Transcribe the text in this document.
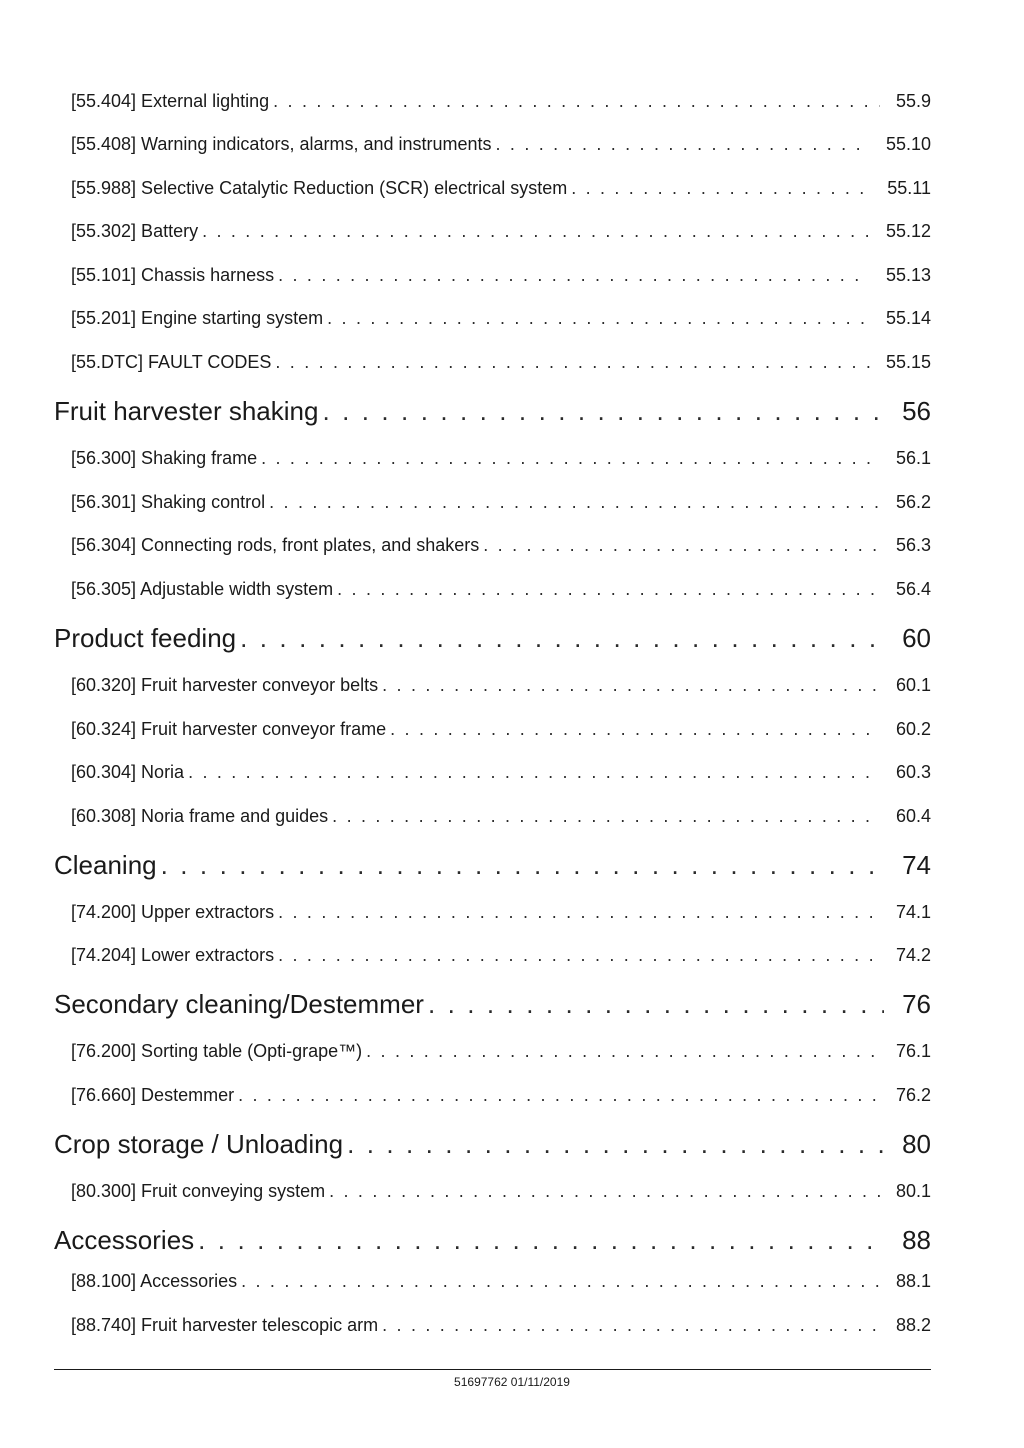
[55.404] External lighting . . .	55.9
[55.408] Warning indicators, alarms, and instruments . . .	55.10
[55.988] Selective Catalytic Reduction (SCR) electrical system . . .	55.11
[55.302] Battery . . .	55.12
[55.101] Chassis harness . . .	55.13
[55.201] Engine starting system . . .	55.14
[55.DTC] FAULT CODES . . .	55.15
Fruit harvester shaking . . .	56
[56.300] Shaking frame . . .	56.1
[56.301] Shaking control . . .	56.2
[56.304] Connecting rods, front plates, and shakers . . .	56.3
[56.305] Adjustable width system . . .	56.4
Product feeding . . .	60
[60.320] Fruit harvester conveyor belts . . .	60.1
[60.324] Fruit harvester conveyor frame . . .	60.2
[60.304] Noria . . .	60.3
[60.308] Noria frame and guides . . .	60.4
Cleaning . . .	74
[74.200] Upper extractors . . .	74.1
[74.204] Lower extractors . . .	74.2
Secondary cleaning/Destemmer . . .	76
[76.200] Sorting table (Opti-grape™) . . .	76.1
[76.660] Destemmer . . .	76.2
Crop storage / Unloading . . .	80
[80.300] Fruit conveying system . . .	80.1
Accessories . . .	88
[88.100] Accessories . . .	88.1
[88.740] Fruit harvester telescopic arm . . .	88.2
51697762 01/11/2019
